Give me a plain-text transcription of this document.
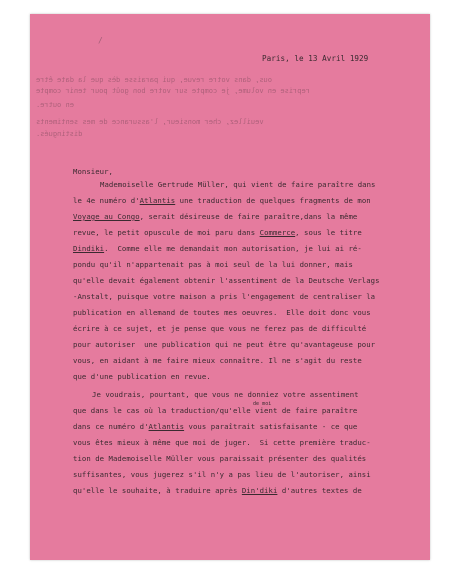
/
ous, dans votre revue, qui paraisse dès que la date être
reprise en volume, je compte sur votre bon goût pour tenir compte
en outre.
veuillez, cher monsieur, l'assurance de mes sentiments
distingués.
Paris, le 13 Avril 1929
Monsieur,
Mademoiselle Gertrude Müller, qui vient de faire paraître dans
le 4e numéro d'Atlantis une traduction de quelques fragments de mon
Voyage au Congo, serait désireuse de faire paraître,dans la même
revue, le petit opuscule de moi paru dans Commerce, sous le titre
Dindiki.  Comme elle me demandait mon autorisation, je lui ai ré-
pondu qu'il n'appartenait pas à moi seul de la lui donner, mais
qu'elle devait également obtenir l'assentiment de la Deutsche Verlags
-Anstalt, puisque votre maison a pris l'engagement de centraliser la
publication en allemand de toutes mes oeuvres.  Elle doit donc vous
écrire à ce sujet, et je pense que vous ne ferez pas de difficulté
pour autoriser  une publication qui ne peut être qu'avantageuse pour
vous, en aidant à me faire mieux connaître. Il ne s'agit du reste
que d'une publication en revue.
Je voudrais, pourtant, que vous ne donniez votre assentiment
que dans le cas où la traduction/qu'elle vient de faire paraître
dans ce numéro d'Atlantis vous paraîtrait satisfaisante - ce que
vous êtes mieux à même que moi de juger.  Si cette première traduc-
tion de Mademoiselle Müller vous paraissait présenter des qualités
suffisantes, vous jugerez s'il n'y a pas lieu de l'autoriser, ainsi
qu'elle le souhaite, à traduire après Din'diki d'autres textes de
de moi
